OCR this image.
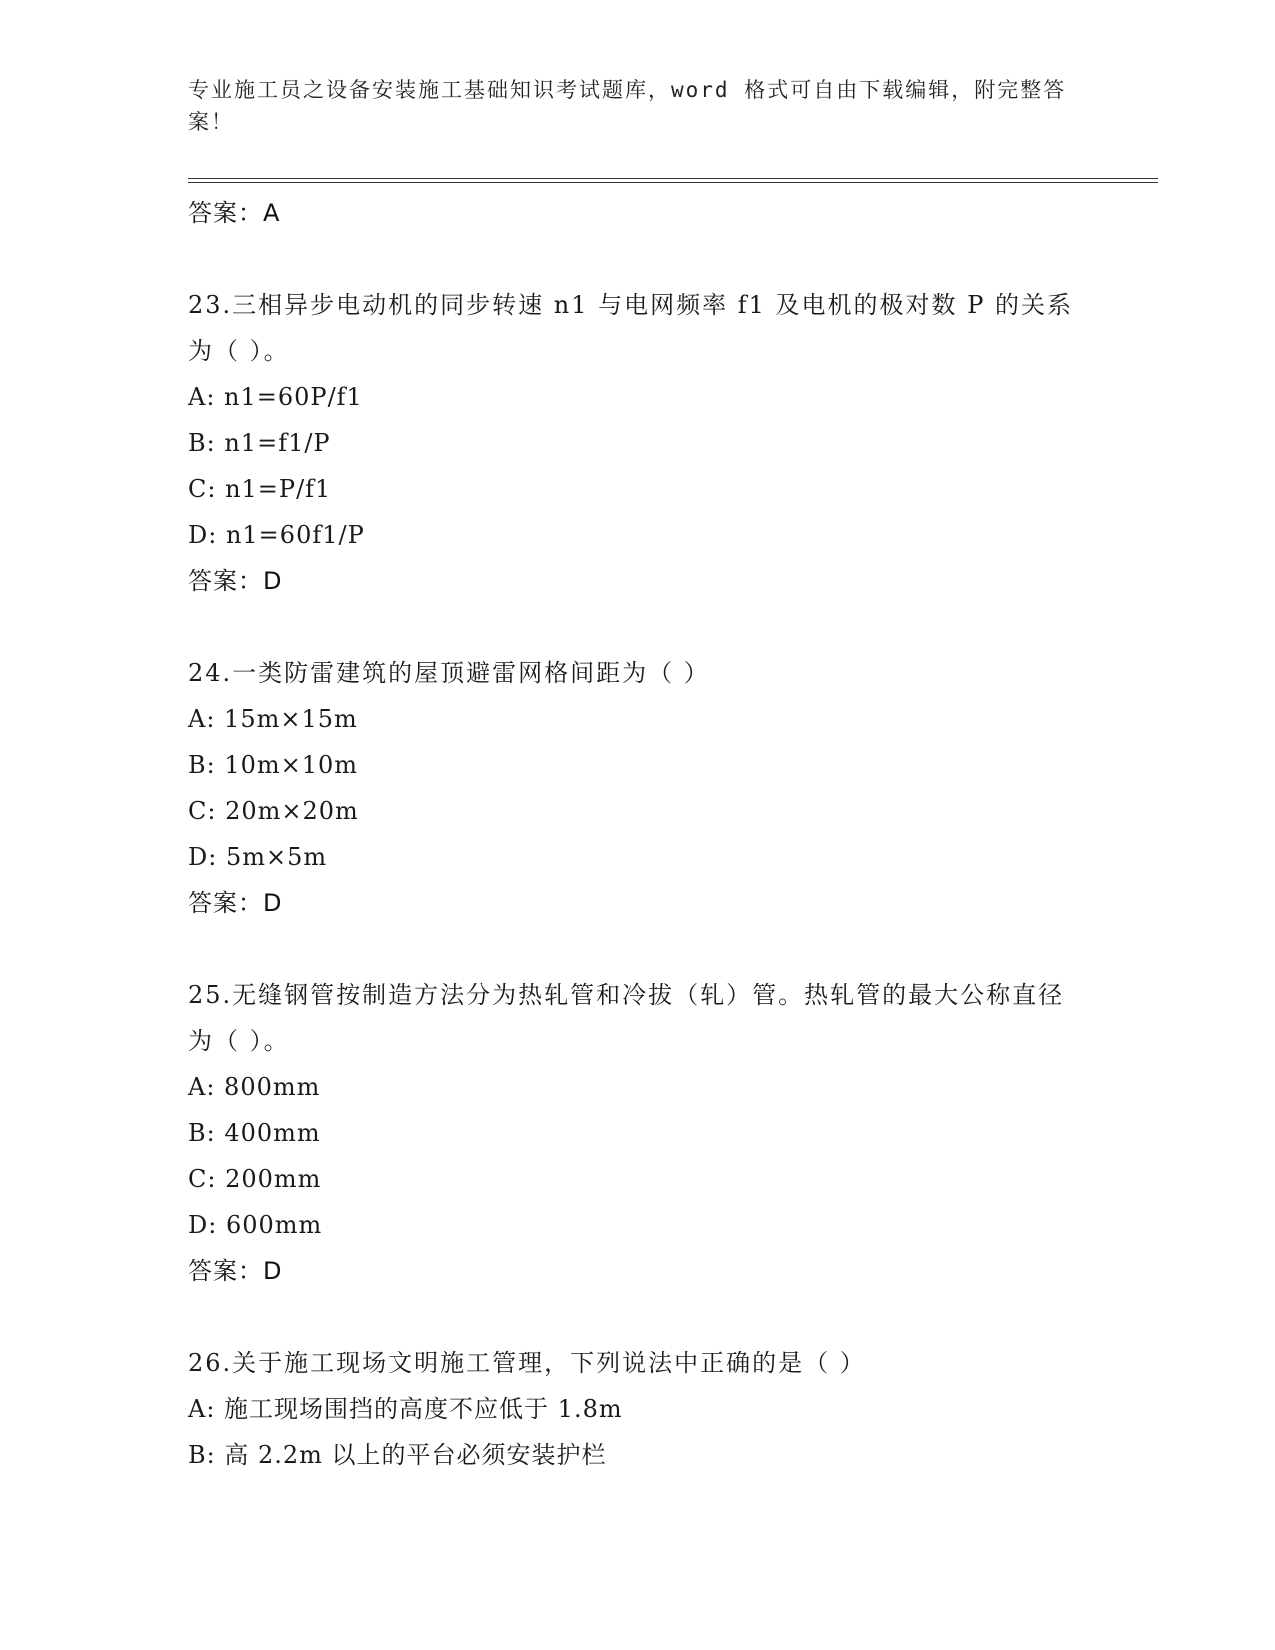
专业施工员之设备安装施工基础知识考试题库，word 格式可自由下载编辑，附完整答案！
答案：A
23.三相异步电动机的同步转速 n1 与电网频率 f1 及电机的极对数 P 的关系为（ ）。
A: n1=60P/f1
B: n1=f1/P
C: n1=P/f1
D: n1=60f1/P
答案：D
24.一类防雷建筑的屋顶避雷网格间距为（ ）
A: 15m×15m
B: 10m×10m
C: 20m×20m
D: 5m×5m
答案：D
25.无缝钢管按制造方法分为热轧管和冷拔（轧）管。热轧管的最大公称直径为（ ）。
A: 800mm
B: 400mm
C: 200mm
D: 600mm
答案：D
26.关于施工现场文明施工管理，下列说法中正确的是（ ）
A: 施工现场围挡的高度不应低于 1.8m
B: 高 2.2m 以上的平台必须安装护栏
